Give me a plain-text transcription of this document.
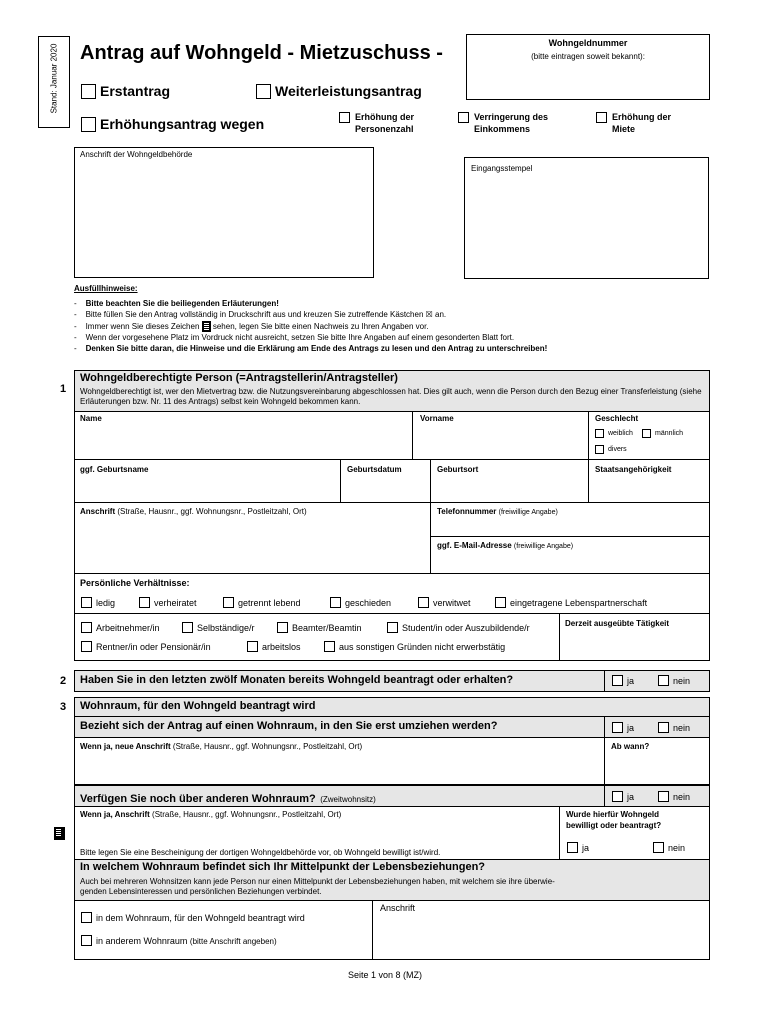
Stand: Januar 2020 Antrag auf Wohngeld - Mietzuschuss -	Wohngeldnummer
(bitte eintragen soweit bekannt):
Erstantrag	Weiterleistungsantrag
Erhöhungsantrag wegen	Erhöhung der
Personenzahl
Verringerung des
Einkommens
Erhöhung der
Miete
Anschrift der Wohngeldbehörde
Eingangsstempel
Ausfüllhinweise:
-    Bitte beachten Sie die beiliegenden Erläuterungen!
-    Bitte füllen Sie den Antrag vollständig in Druckschrift aus und kreuzen Sie zutreffende Kästchen ☒ an.
-    Immer wenn Sie dieses Zeichen sehen, legen Sie bitte einen Nachweis zu Ihren Angaben vor.
-    Wenn der vorgesehene Platz im Vordruck nicht ausreicht, setzen Sie bitte Ihre Angaben auf einem gesonderten Blatt fort.
-    Denken Sie bitte daran, die Hinweise und die Erklärung am Ende des Antrags zu lesen und den Antrag zu unterschreiben!
1
Wohngeldberechtigte Person (=Antragstellerin/Antragsteller)
Wohngeldberechtigt ist, wer den Mietvertrag bzw. die Nutzungsvereinbarung abgeschlossen hat. Dies gilt auch, wenn die Person durch den Bezug einer Transferleistung (siehe Erläuterungen bzw. Nr. 11 des Antrags) selbst kein Wohngeld bekommen kann.
Name	Vorname	Geschlecht
weiblich	männlich
divers
ggf. Geburtsname	Geburtsdatum	Geburtsort	Staatsangehörigkeit
Anschrift (Straße, Hausnr., ggf. Wohnungsnr., Postleitzahl, Ort)	Telefonnummer (freiwillige Angabe)
ggf. E-Mail-Adresse (freiwillige Angabe)
Persönliche Verhältnisse:
ledig	verheiratet	getrennt lebend	geschieden	verwitwet	eingetragene Lebenspartnerschaft
Arbeitnehmer/in	Selbständige/r	Beamter/Beamtin	Student/in oder Auszubildende/r
Rentner/in oder Pensionär/in	arbeitslos	aus sonstigen Gründen nicht erwerbstätig
Derzeit ausgeübte Tätigkeit
2 Haben Sie in den letzten zwölf Monaten bereits Wohngeld beantragt oder erhalten?	ja	nein
3 Wohnraum, für den Wohngeld beantragt wird
Bezieht sich der Antrag auf einen Wohnraum, in den Sie erst umziehen werden?	ja	nein
Wenn ja, neue Anschrift (Straße, Hausnr., ggf. Wohnungsnr., Postleitzahl, Ort)	Ab wann?
Verfügen Sie noch über anderen Wohnraum? (Zweitwohnsitz)	ja	nein
Wenn ja, Anschrift (Straße, Hausnr., ggf. Wohnungsnr., Postleitzahl, Ort)
Bitte legen Sie eine Bescheinigung der dortigen Wohngeldbehörde vor, ob Wohngeld bewilligt ist/wird.
Wurde hierfür Wohngeld
bewilligt oder beantragt?
ja	nein
In welchem Wohnraum befindet sich Ihr Mittelpunkt der Lebensbeziehungen?
Auch bei mehreren Wohnsitzen kann jede Person nur einen Mittelpunkt der Lebensbeziehungen haben, mit welchem sie ihre überwie-
genden Lebensinteressen und persönlichen Beziehungen verbindet.
in dem Wohnraum, für den Wohngeld beantragt wird
in anderem Wohnraum (bitte Anschrift angeben)
Anschrift
Seite 1 von 8 (MZ)
